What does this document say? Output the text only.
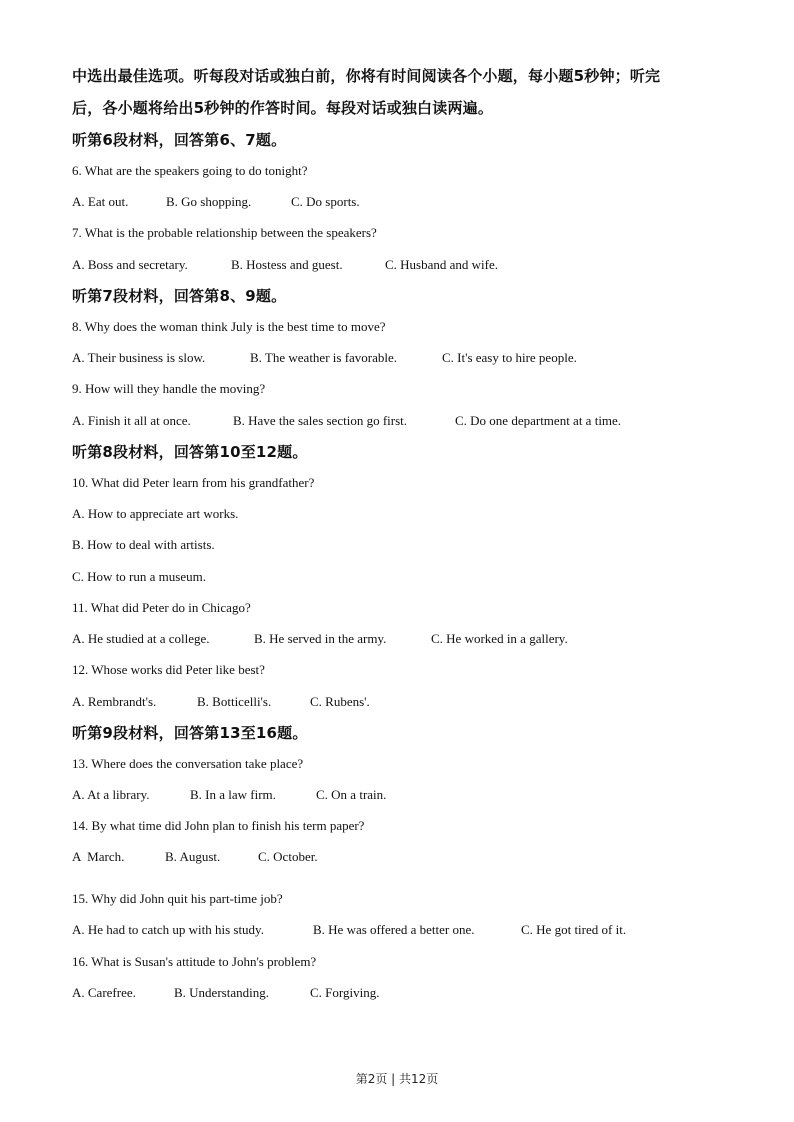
中选出最佳选项。听每段对话或独白前，你将有时间阅读各个小题，每小题5秒钟；听完
后，各小题将给出5秒钟的作答时间。每段对话或独白读两遍。
听第6段材料，回答第6、7题。
6. What are the speakers going to do tonight?
A. Eat out.	B. Go shopping.	C. Do sports.
7. What is the probable relationship between the speakers?
A. Boss and secretary.	B. Hostess and guest.	C. Husband and wife.
听第7段材料，回答第8、9题。
8. Why does the woman think July is the best time to move?
A. Their business is slow.	B. The weather is favorable.	C. It's easy to hire people.
9. How will they handle the moving?
A. Finish it all at once.	B. Have the sales section go first.	C. Do one department at a time.
听第8段材料，回答第10至12题。
10. What did Peter learn from his grandfather?
A. How to appreciate art works.
B. How to deal with artists.
C. How to run a museum.
11. What did Peter do in Chicago?
A. He studied at a college.	B. He served in the army.	C. He worked in a gallery.
12. Whose works did Peter like best?
A. Rembrandt's.	B. Botticelli's.	C. Rubens'.
听第9段材料，回答第13至16题。
13. Where does the conversation take place?
A. At a library.	B. In a law firm.	C. On a train.
14. By what time did John plan to finish his term paper?
A  March.	B. August.	C. October.
15. Why did John quit his part-time job?
A. He had to catch up with his study.	B. He was offered a better one.	C. He got tired of it.
16. What is Susan's attitude to John's problem?
A. Carefree.	B. Understanding.	C. Forgiving.
第2页 | 共12页
